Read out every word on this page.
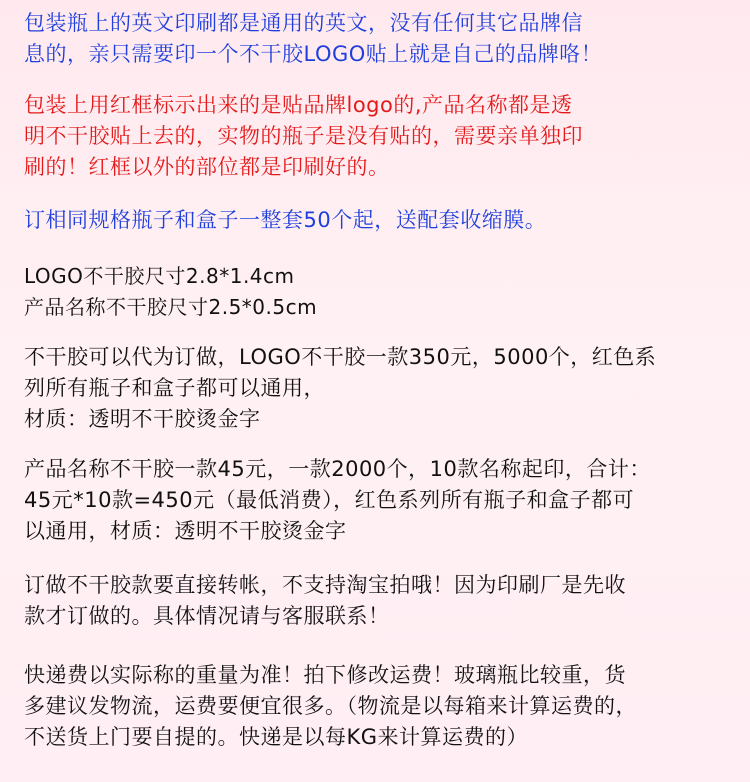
包装瓶上的英文印刷都是通用的英文，没有任何其它品牌信
息的，亲只需要印一个不干胶LOGO贴上就是自己的品牌咯！
包装上用红框标示出来的是贴品牌logo的,产品名称都是透
明不干胶贴上去的，实物的瓶子是没有贴的，需要亲单独印
刷的！红框以外的部位都是印刷好的。
订相同规格瓶子和盒子一整套50个起，送配套收缩膜。
LOGO不干胶尺寸2.8*1.4cm
产品名称不干胶尺寸2.5*0.5cm
不干胶可以代为订做，LOGO不干胶一款350元，5000个，红色系
列所有瓶子和盒子都可以通用，
材质：透明不干胶烫金字
产品名称不干胶一款45元，一款2000个，10款名称起印，合计：
45元*10款=450元（最低消费），红色系列所有瓶子和盒子都可
以通用，材质：透明不干胶烫金字
订做不干胶款要直接转帐，不支持淘宝拍哦！因为印刷厂是先收
款才订做的。具体情况请与客服联系！
快递费以实际称的重量为准！拍下修改运费！玻璃瓶比较重，货
多建议发物流，运费要便宜很多。（物流是以每箱来计算运费的，
不送货上门要自提的。快递是以每KG来计算运费的）
